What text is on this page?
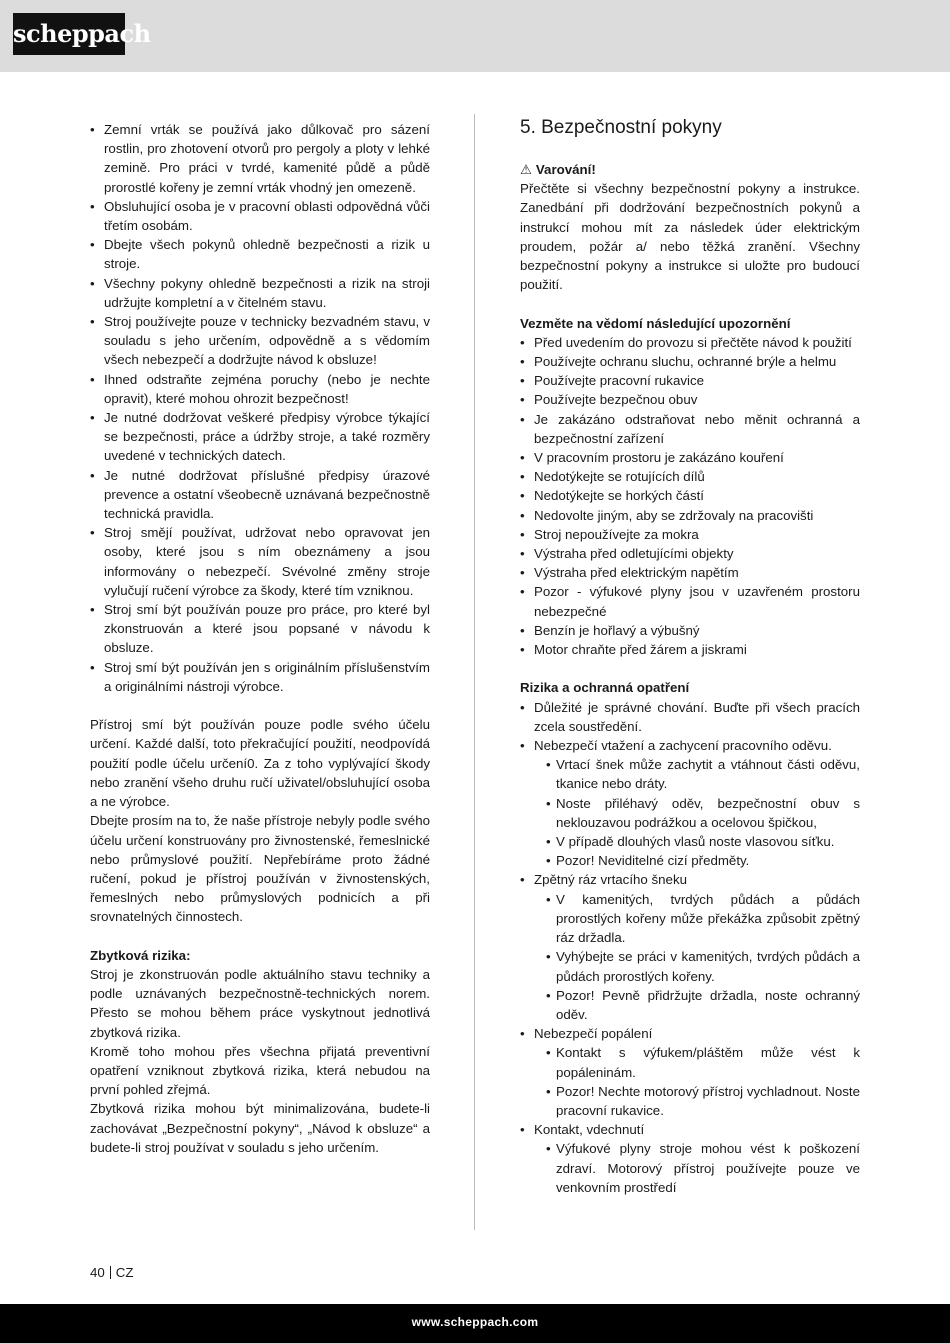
scheppach
• Zemní vrták se používá jako důlkovač pro sázení rostlin, pro zhotovení otvorů pro pergoly a ploty v lehké zemině. Pro práci v tvrdé, kamenité půdě a půdě prorostlé kořeny je zemní vrták vhodný jen omezeně.
• Obsluhující osoba je v pracovní oblasti odpovědná vůči třetím osobám.
• Dbejte všech pokynů ohledně bezpečnosti a rizik u stroje.
• Všechny pokyny ohledně bezpečnosti a rizik na stroji udržujte kompletní a v čitelném stavu.
• Stroj používejte pouze v technicky bezvadném stavu, v souladu s jeho určením, odpovědně a s vědomím všech nebezpečí a dodržujte návod k obsluze!
• Ihned odstraňte zejména poruchy (nebo je nechte opravit), které mohou ohrozit bezpečnost!
• Je nutné dodržovat veškeré předpisy výrobce týkající se bezpečnosti, práce a údržby stroje, a také rozměry uvedené v technických datech.
• Je nutné dodržovat příslušné předpisy úrazové prevence a ostatní všeobecně uznávaná bezpečnostně technická pravidla.
• Stroj smějí používat, udržovat nebo opravovat jen osoby, které jsou s ním obeznámeny a jsou informovány o nebezpečí. Svévolné změny stroje vylučují ručení výrobce za škody, které tím vzniknou.
• Stroj smí být používán pouze pro práce, pro které byl zkonstruován a které jsou popsané v návodu k obsluze.
• Stroj smí být používán jen s originálním příslušenstvím a originálními nástroji výrobce.

Přístroj smí být používán pouze podle svého účelu určení. Každé další, toto překračující použití, neodpovídá použití podle účelu určení0. Za z toho vyplývající škody nebo zranění všeho druhu ručí uživatel/obsluhující osoba a ne výrobce.

Dbejte prosím na to, že naše přístroje nebyly podle svého účelu určení konstruovány pro živnostenské, řemeslnické nebo průmyslové použití. Nepřebíráme proto žádné ručení, pokud je přístroj používán v živnostenských, řemeslných nebo průmyslových podnicích a při srovnatelných činnostech.

Zbytková rizika:

Stroj je zkonstruován podle aktuálního stavu techniky a podle uznávaných bezpečnostně-technických norem. Přesto se mohou během práce vyskytnout jednotlivá zbytková rizika.

Kromě toho mohou přes všechna přijatá preventivní opatření vzniknout zbytková rizika, která nebudou na první pohled zřejmá.

Zbytková rizika mohou být minimalizována, budete-li zachovávat „Bezpečnostní pokyny“, „Návod k obsluze“ a budete-li stroj používat v souladu s jeho určením.

5. Bezpečnostní pokyny

⚠ Varování!

Přečtěte si všechny bezpečnostní pokyny a instrukce. Zanedbání při dodržování bezpečnostních pokynů a instrukcí mohou mít za následek úder elektrickým proudem, požár a/ nebo těžká zranění. Všechny bezpečnostní pokyny a instrukce si uložte pro budoucí použití.

Vezměte na vědomí následující upozornění

• Před uvedením do provozu si přečtěte návod k použití
• Používejte ochranu sluchu, ochranné brýle a helmu
• Používejte pracovní rukavice
• Používejte bezpečnou obuv
• Je zakázáno odstraňovat nebo měnit ochranná a bezpečnostní zařízení
• V pracovním prostoru je zakázáno kouření
• Nedotýkejte se rotujících dílů
• Nedotýkejte se horkých částí
• Nedovolte jiným, aby se zdržovaly na pracovišti
• Stroj nepoužívejte za mokra
• Výstraha před odletujícími objekty
• Výstraha před elektrickým napětím
• Pozor - výfukové plyny jsou v uzavřeném prostoru nebezpečné
• Benzín je hořlavý a výbušný
• Motor chraňte před žárem a jiskrami

Rizika a ochranná opatření

• Důležité je správné chování. Buďte při všech pracích zcela soustředění.
• Nebezpečí vtažení a zachycení pracovního oděvu.
• Vrtací šnek může zachytit a vtáhnout části oděvu, tkanice nebo dráty.
• Noste přiléhavý oděv, bezpečnostní obuv s neklouzavou podrážkou a ocelovou špičkou,
• V případě dlouhých vlasů noste vlasovou síťku.
• Pozor! Neviditelné cizí předměty.
• Zpětný ráz vrtacího šneku
• V kamenitých, tvrdých půdách a půdách prorostlých kořeny může překážka způsobit zpětný ráz držadla.
• Vyhýbejte se práci v kamenitých, tvrdých půdách a půdách prorostlých kořeny.
• Pozor! Pevně přidržujte držadla, noste ochranný oděv.
• Nebezpečí popálení
• Kontakt s výfukem/pláštěm může vést k popáleninám.
• Pozor! Nechte motorový přístroj vychladnout. Noste pracovní rukavice.
• Kontakt, vdechnutí
• Výfukové plyny stroje mohou vést k poškození zdraví. Motorový přístroj používejte pouze ve venkovním prostředí
40 CZ
www.scheppach.com
